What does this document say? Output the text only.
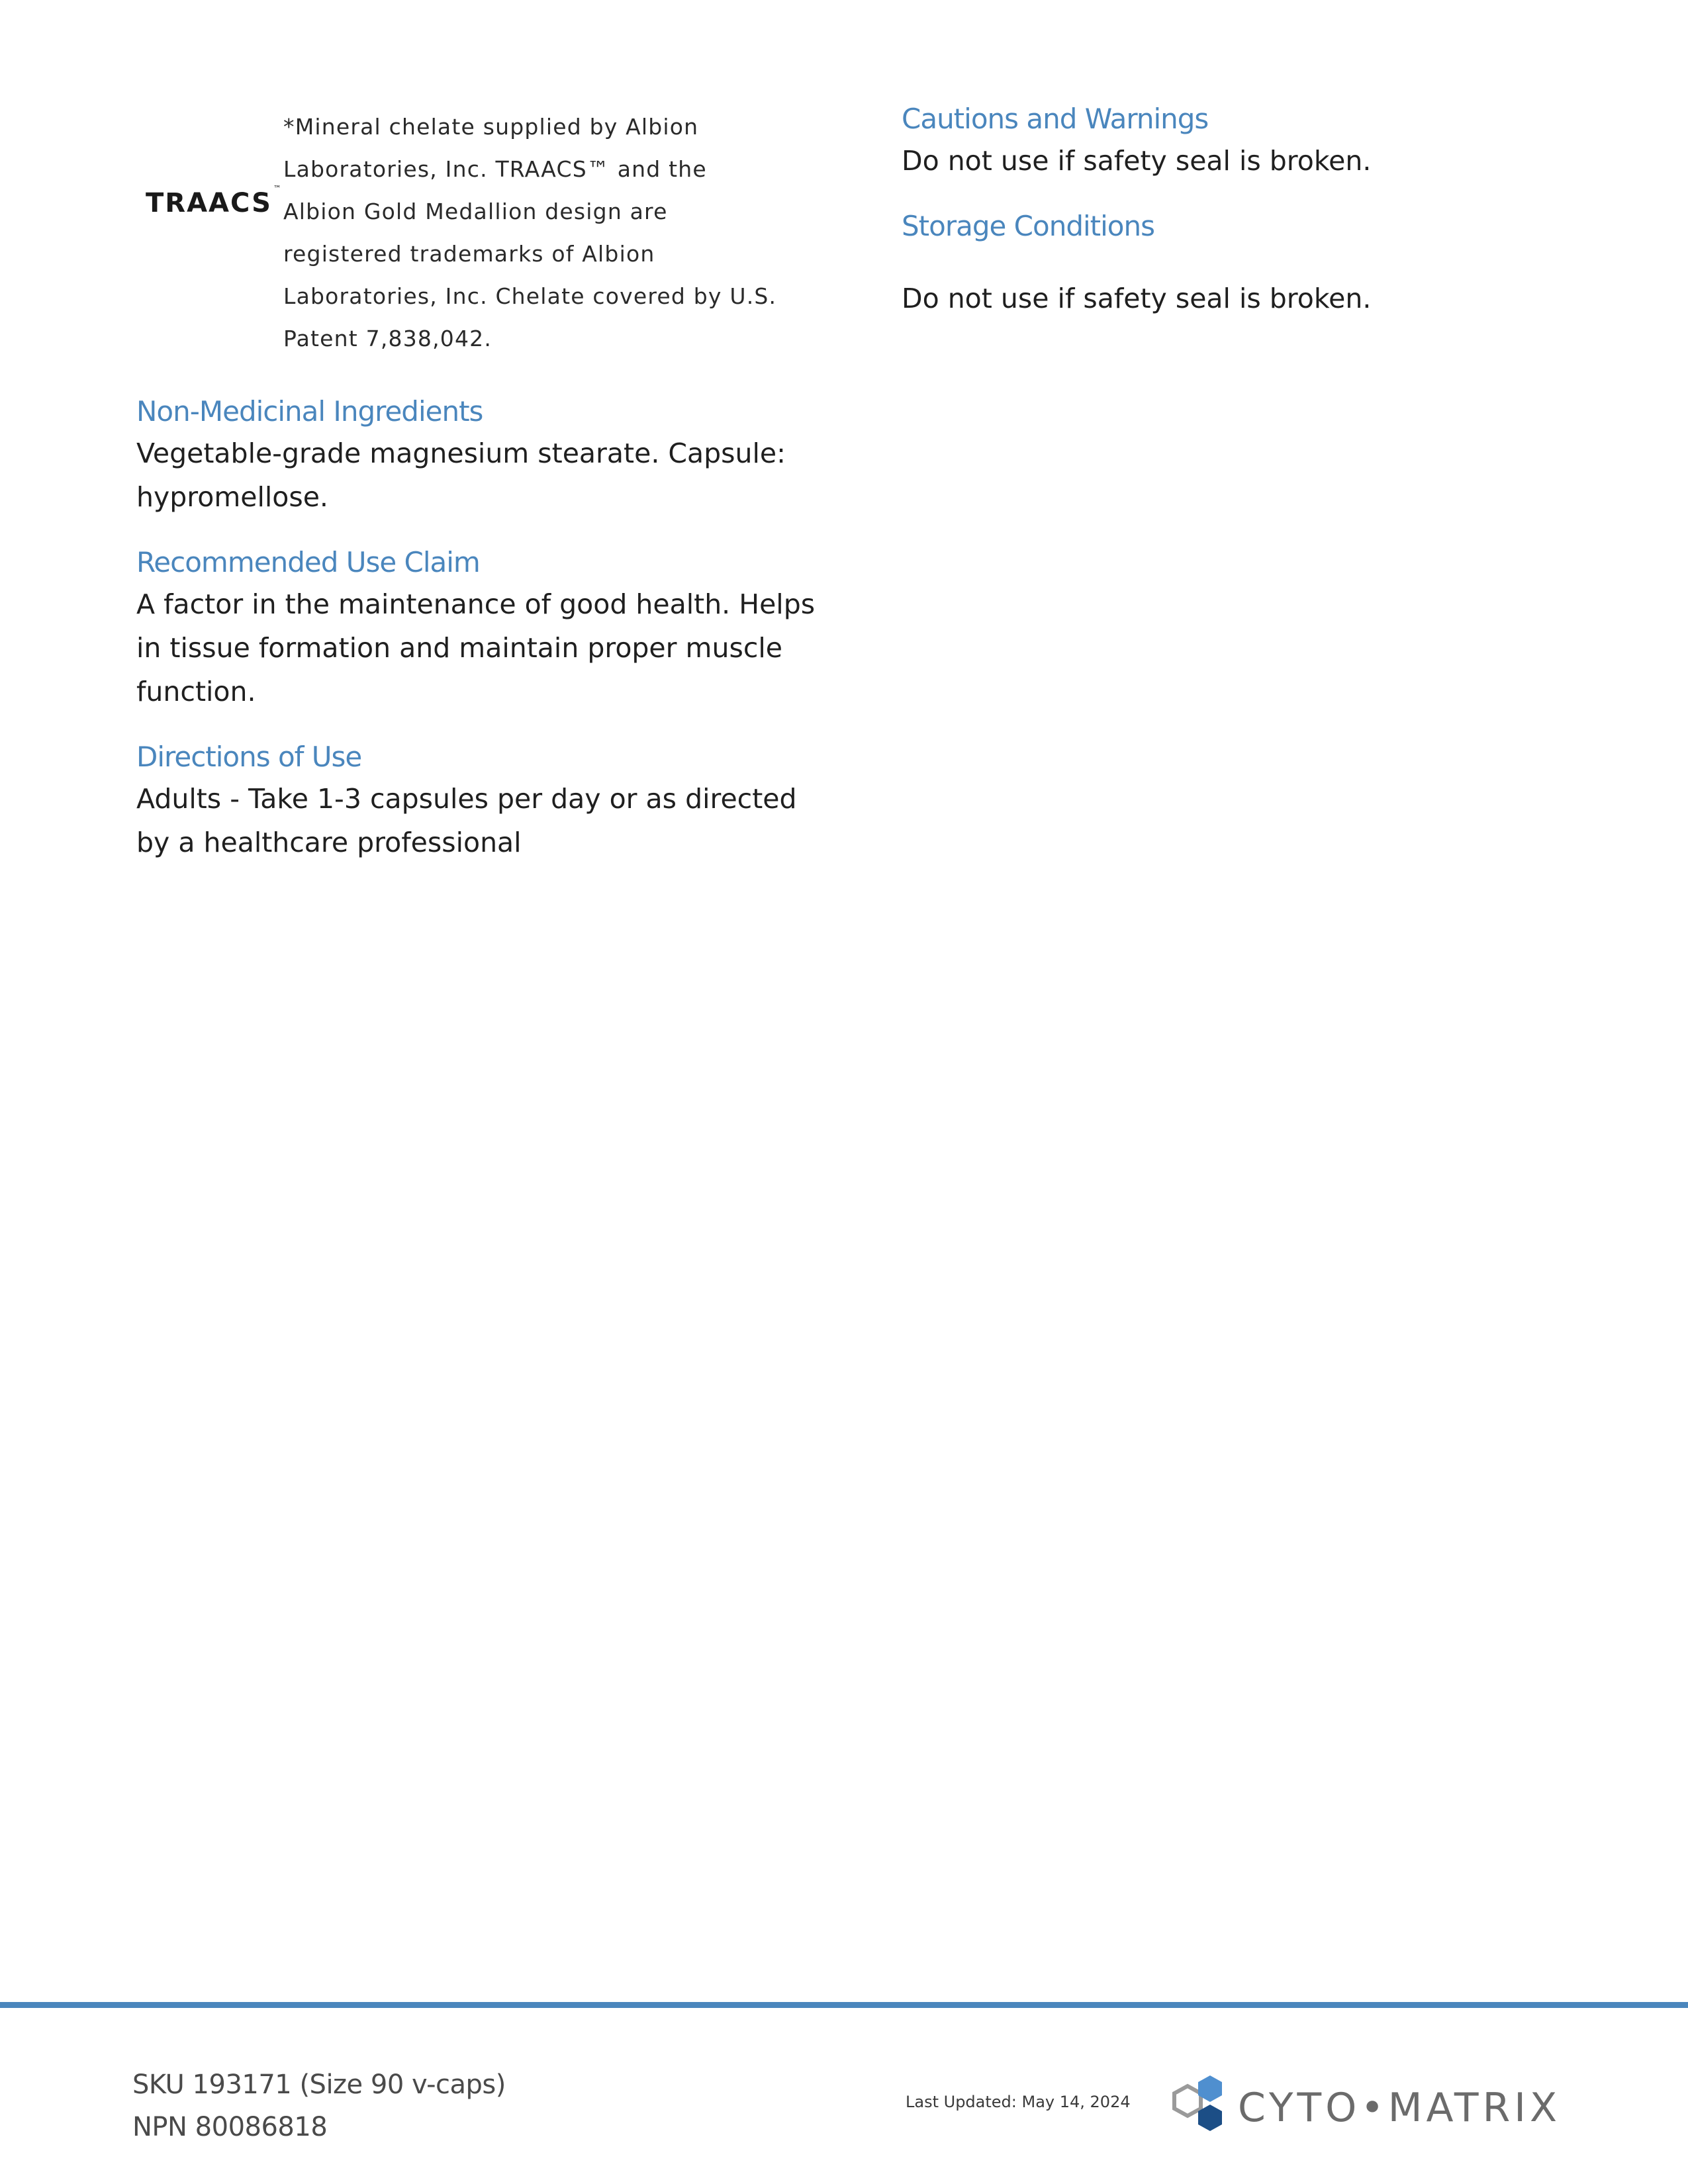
TRAACS ™

*Mineral chelate supplied by Albion Laboratories, Inc. TRAACS™ and the Albion Gold Medallion design are registered trademarks of Albion Laboratories, Inc. Chelate covered by U.S. Patent 7,838,042.

Non-Medicinal Ingredients

Vegetable-grade magnesium stearate. Capsule: hypromellose.

Recommended Use Claim

A factor in the maintenance of good health. Helps in tissue formation and maintain proper muscle function.

Directions of Use

Adults - Take 1-3 capsules per day or as directed by a healthcare professional

Cautions and Warnings

Do not use if safety seal is broken.

Storage Conditions

Do not use if safety seal is broken.

SKU 193171 (Size 90 v-caps)
NPN 80086818
Last Updated: May 14, 2024	CYTO•MATRIX
